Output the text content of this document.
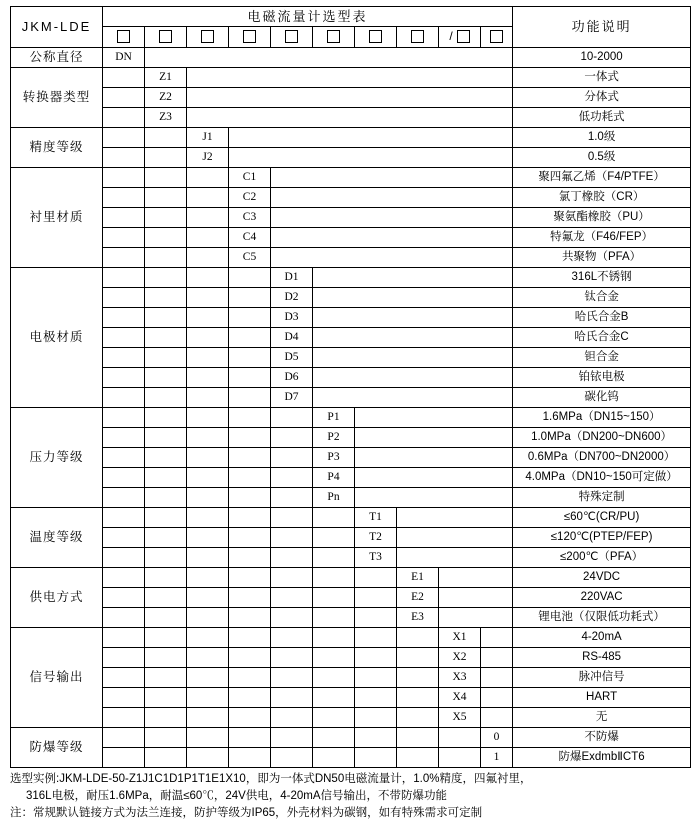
JKM-LDE	电磁流量计选型表										功能说明
									/		
公称直径	DN										10-2000
转换器类型		Z1									一体式
		Z2									分体式
		Z3									低功耗式
精度等级			J1								1.0级
			J2								0.5级
衬里材质				C1							聚四氟乙烯（F4/PTFE）
				C2							氯丁橡胶（CR）
				C3							聚氨酯橡胶（PU）
				C4							特氟龙（F46/FEP）
				C5							共聚物（PFA）
电极材质					D1						316L不锈钢
					D2						钛合金
					D3						哈氏合金B
					D4						哈氏合金C
					D5						钽合金
					D6						铂铱电极
					D7						碳化钨
压力等级						P1					1.6MPa（DN15~150）
						P2					1.0MPa（DN200~DN600）
						P3					0.6MPa（DN700~DN2000）
						P4					4.0MPa（DN10~150可定做）
						Pn					特殊定制
温度等级							T1				≤60℃(CR/PU)
							T2				≤120℃(PTEP/FEP)
							T3				≤200℃（PFA）
供电方式								E1			24VDC
								E2			220VAC
								E3			锂电池（仅限低功耗式）
信号输出									X1		4-20mA
									X2		RS-485
									X3		脉冲信号
									X4		HART
									X5		无
防爆等级										0	不防爆
										1	防爆ExdmbⅡCT6
选型实例:JKM-LDE-50-Z1J1C1D1P1T1E1X10，即为一体式DN50电磁流量计，1.0%精度，四氟衬里，
316L电极，耐压1.6MPa，耐温≤60℃，24V供电，4-20mA信号输出，不带防爆功能
注：常规默认链接方式为法兰连接，防护等级为IP65，外壳材料为碳钢，如有特殊需求可定制
